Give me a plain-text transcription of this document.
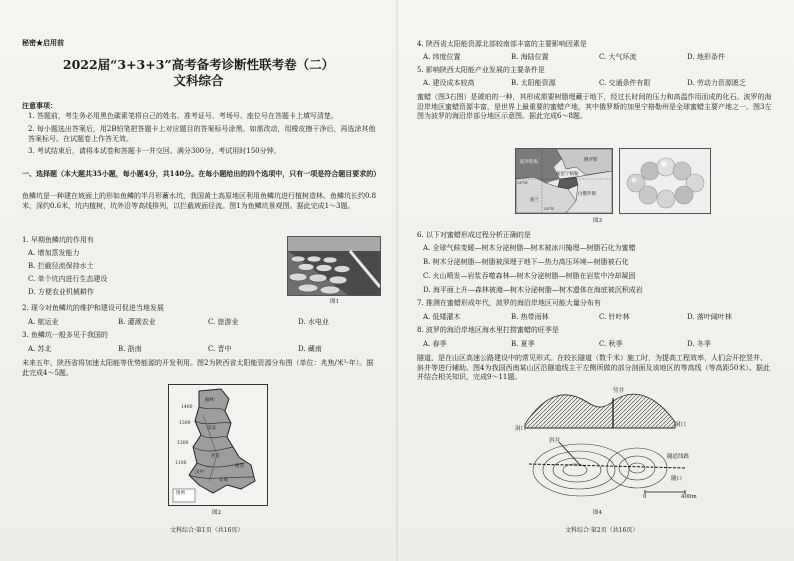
秘密★启用前
2022届“3+3+3”高考备考诊断性联考卷（二）
文科综合
注意事项：
1. 答题前，考生务必用黑色碳素笔将自己的姓名、准考证号、考场号、座位号在答题卡上填写清楚。
2. 每小题选出答案后，用2B铅笔把答题卡上对应题目的答案标号涂黑。如需改动，用橡皮擦干净后，再选涂其他答案标号。在试题卷上作答无效。
3. 考试结束后，请将本试卷和答题卡一并交回。满分300分，考试用时150分钟。
一、选择题（本大题共35小题，每小题4分，共140分。在每小题给出的四个选项中，只有一项是符合题目要求的）
鱼鳞坑是一种建在坡面上的形如鱼鳞的半月形蓄水坑，我国黄土高原地区利用鱼鳞坑进行植树造林。鱼鳞坑长约0.8米，深约0.6米，坑内植树，坑外沿等高线排列，以拦截坡面径流。图1为鱼鳞坑景观图。据此完成1～3题。
1. 早期鱼鳞坑的作用有
A. 增加蒸发能力
B. 拦截径流保持水土
C. 单个坑内进行生态建设
D. 方便农业机械耕作
图1
2. 现今对鱼鳞坑的维护和建设可促进当地发展
A. 航运业	B. 灌溉农业	C. 旅游业	D. 水电业
3. 鱼鳞坑一般多见于我国的
A. 苏北	B. 浙南	C. 晋中	D. 藏南
未来五年，陕西省将加速太阳能等优势能源的开发利用。图2为陕西省太阳能资源分布图（单位：兆焦/米²·年）。据此完成4～5题。
榆林
延安
西安
汉中
安康
商洛
1400
1300
1200
1100
图例
图2
文科综合·第1页（共16页）
4. 陕西省太阳能资源北部较南部丰富的主要影响因素是
A. 纬度位置	B. 海陆位置	C. 大气环流	D. 地形条件
5. 影响陕西太阳能产业发展的主要条件是
A. 建设成本较高	B. 太阳能资源	C. 交通条件有限	D. 劳动力资源匮乏
蜜蜡（图3右图）是琥珀的一种，其形成需要树脂埋藏于地下，经过长时间的压力和高温作用而成的化石。波罗的海沿岸地区蜜蜡资源丰富，是世界上最重要的蜜蜡产地，其中俄罗斯的加里宁格勒州是全球蜜蜡主要产地之一。图3左图为波罗的海沿岸部分地区示意图。据此完成6～8题。
波罗的海	俄罗斯
加里宁格勒
白俄罗斯
波兰
55°N
20°E
图3
6. 以下对蜜蜡形成过程分析正确的是
A. 全球气候变暖—树木分泌树脂—树木被冰川掩埋—树脂石化为蜜蜡
B. 树木分泌树脂—树脂被深埋于地下—热力高压环境—树脂被石化
C. 火山喷发—岩浆吞噬森林—树木分泌树脂—树脂在岩浆中冷却凝固
D. 海平面上升—森林被淹—树木分泌树脂—树木遗体在海底被沉积成岩
7. 推测在蜜蜡形成年代，波罗的海沿岸地区可能大量分布有
A. 低矮灌木	B. 热带雨林	C. 针叶林	D. 落叶阔叶林
8. 波罗的海沿岸地区海水里打捞蜜蜡的旺季是
A. 春季	B. 夏季	C. 秋季	D. 冬季
隧道，是在山区高速公路建设中的常见形式。在较长隧道（数千米）施工时，为提高工程效率，人们会开挖竖井、斜井等进行辅助。图4为我国西南某山区沿隧道线主干左侧所做的部分剖面及该地区的等高线（等高距50米）。据此并结合相关知识，完成9～11题。
洞口
竖井
洞口
斜井
隧道线路
隧口
0	400m
图4
文科综合·第2页（共16页）
